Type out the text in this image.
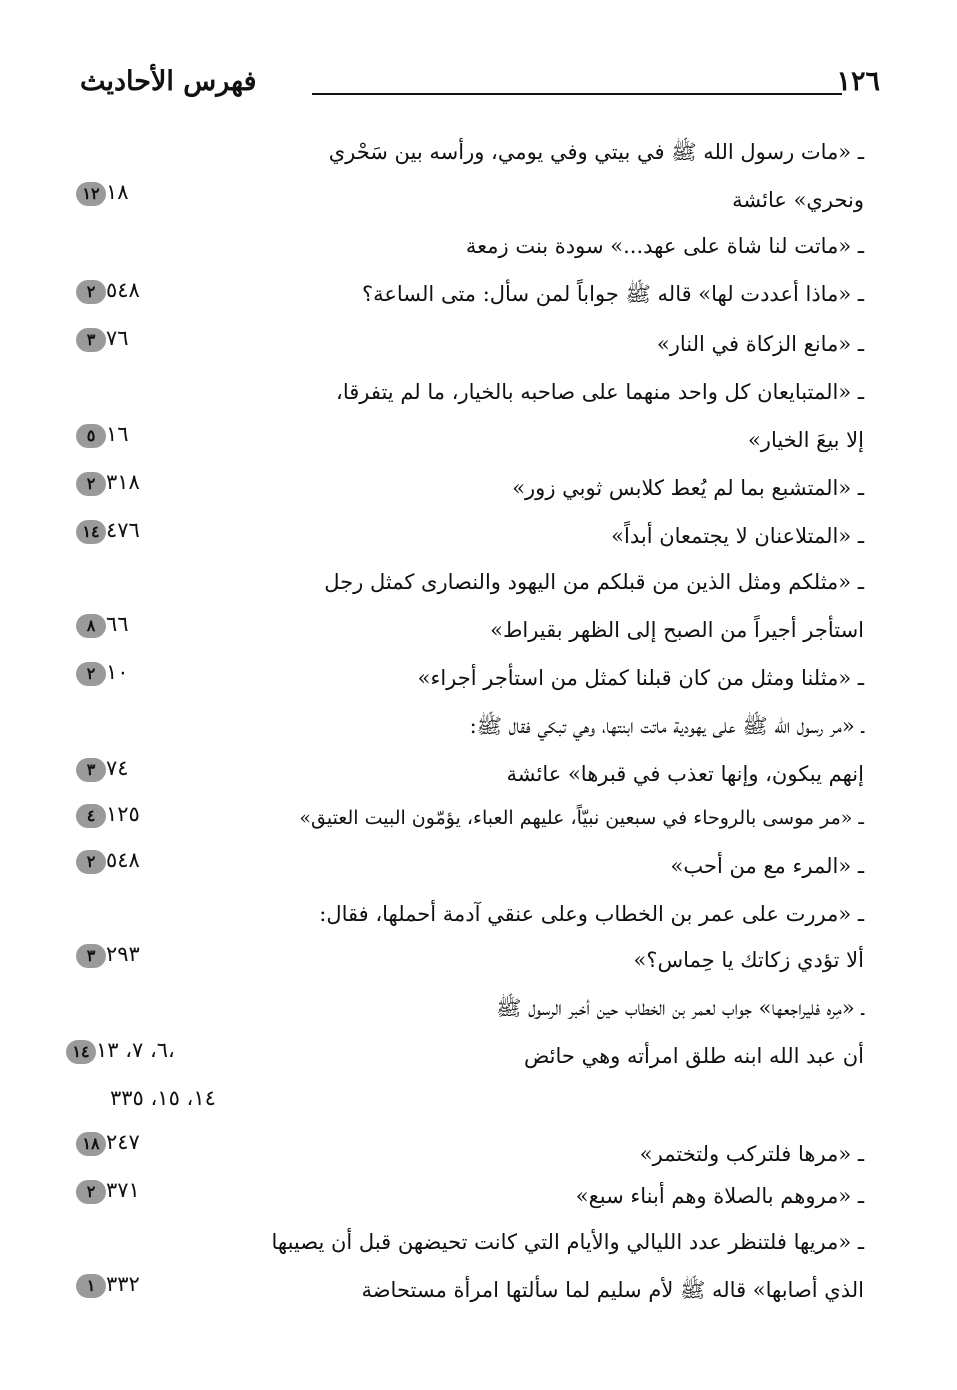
فهرس الأحاديث	١٢٦
ـ «مات رسول الله ﷺ في بيتي وفي يومي، ورأسه بين سَحْري
ونحري» عائشة
١٢ ١٨
ـ «ماتت لنا شاة على عهد...» سودة بنت زمعة
ـ «ماذا أعددت لها» قاله ﷺ جواباً لمن سأل: متى الساعة؟
٢ ٥٤٨
ـ «مانع الزكاة في النار»
٣ ٧٦
ـ «المتبايعان كل واحد منهما على صاحبه بالخيار، ما لم يتفرقا،
إلا بيعَ الخيار»
٥ ١٦
ـ «المتشبع بما لم يُعط كلابس ثوبي زور»
٢ ٣١٨
ـ «المتلاعنان لا يجتمعان أبداً»
١٤ ٤٧٦
ـ «مثلكم ومثل الذين من قبلكم من اليهود والنصارى كمثل رجل
استأجر أجيراً من الصبح إلى الظهر بقيراط»
٨ ٦٦
ـ «مثلنا ومثل من كان قبلنا كمثل من استأجر أجراء»
٢ ١٠
ـ «مر رسول الله ﷺ على يهودية ماتت ابنتها، وهي تبكي فقال ﷺ:
إنهم يبكون، وإنها تعذب في قبرها» عائشة
٣ ٧٤
ـ «مر موسى بالروحاء في سبعين نبيّاً، عليهم العباء، يؤمّون البيت العتيق»
٤ ١٢٥
ـ «المرء مع من أحب»
٢ ٥٤٨
ـ «مررت على عمر بن الخطاب وعلى عنقي آدمة أحملها، فقال:
ألا تؤدي زكاتك يا حِماس؟»
٣ ٢٩٣
ـ «مِره فليراجعها» جواب لعمر بن الخطاب حين أخبر الرسول ﷺ
أن عبد الله ابنه طلق امرأته وهي حائض
١٤ ٦، ٧، ١٣،
١٤، ١٥، ٣٣٥
ـ «مرها فلتركب ولتختمر»
١٨ ٢٤٧
ـ «مروهم بالصلاة وهم أبناء سبع»
٢ ٣٧١
ـ «مريها فلتنظر عدد الليالي والأيام التي كانت تحيضهن قبل أن يصيبها
الذي أصابها» قاله ﷺ لأم سليم لما سألتها امرأة مستحاضة
١ ٣٣٢
